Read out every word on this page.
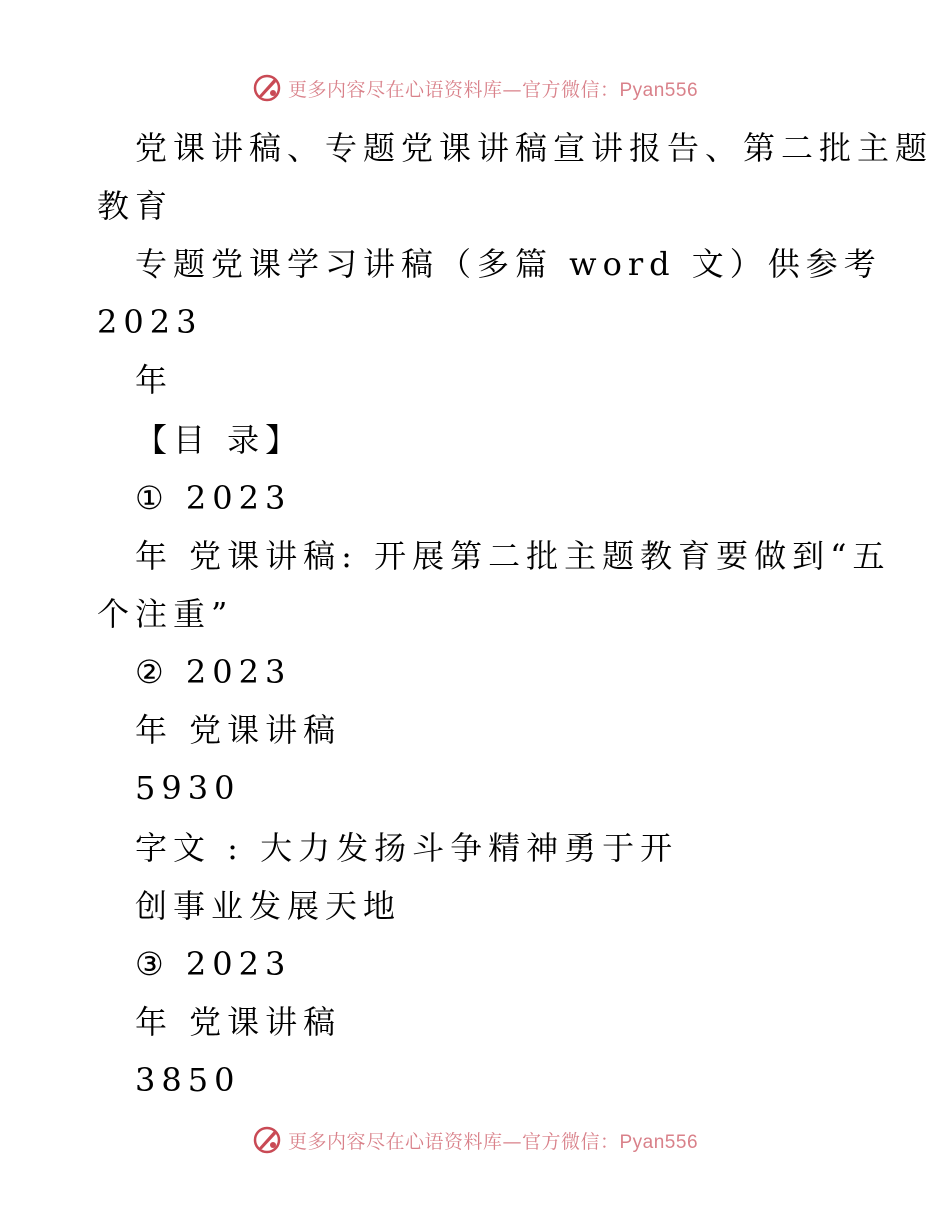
更多内容尽在心语资料库—官方微信：Pyan556
党课讲稿、专题党课讲稿宣讲报告、第二批主题
教育
专题党课学习讲稿（多篇 word 文）供参考
2023
年
【目 录】
① 2023
年 党课讲稿: 开展第二批主题教育要做到“五
个注重”
② 2023
年 党课讲稿
5930
字文 : 大力发扬斗争精神勇于开
创事业发展天地
③ 2023
年 党课讲稿
3850
更多内容尽在心语资料库—官方微信：Pyan556
